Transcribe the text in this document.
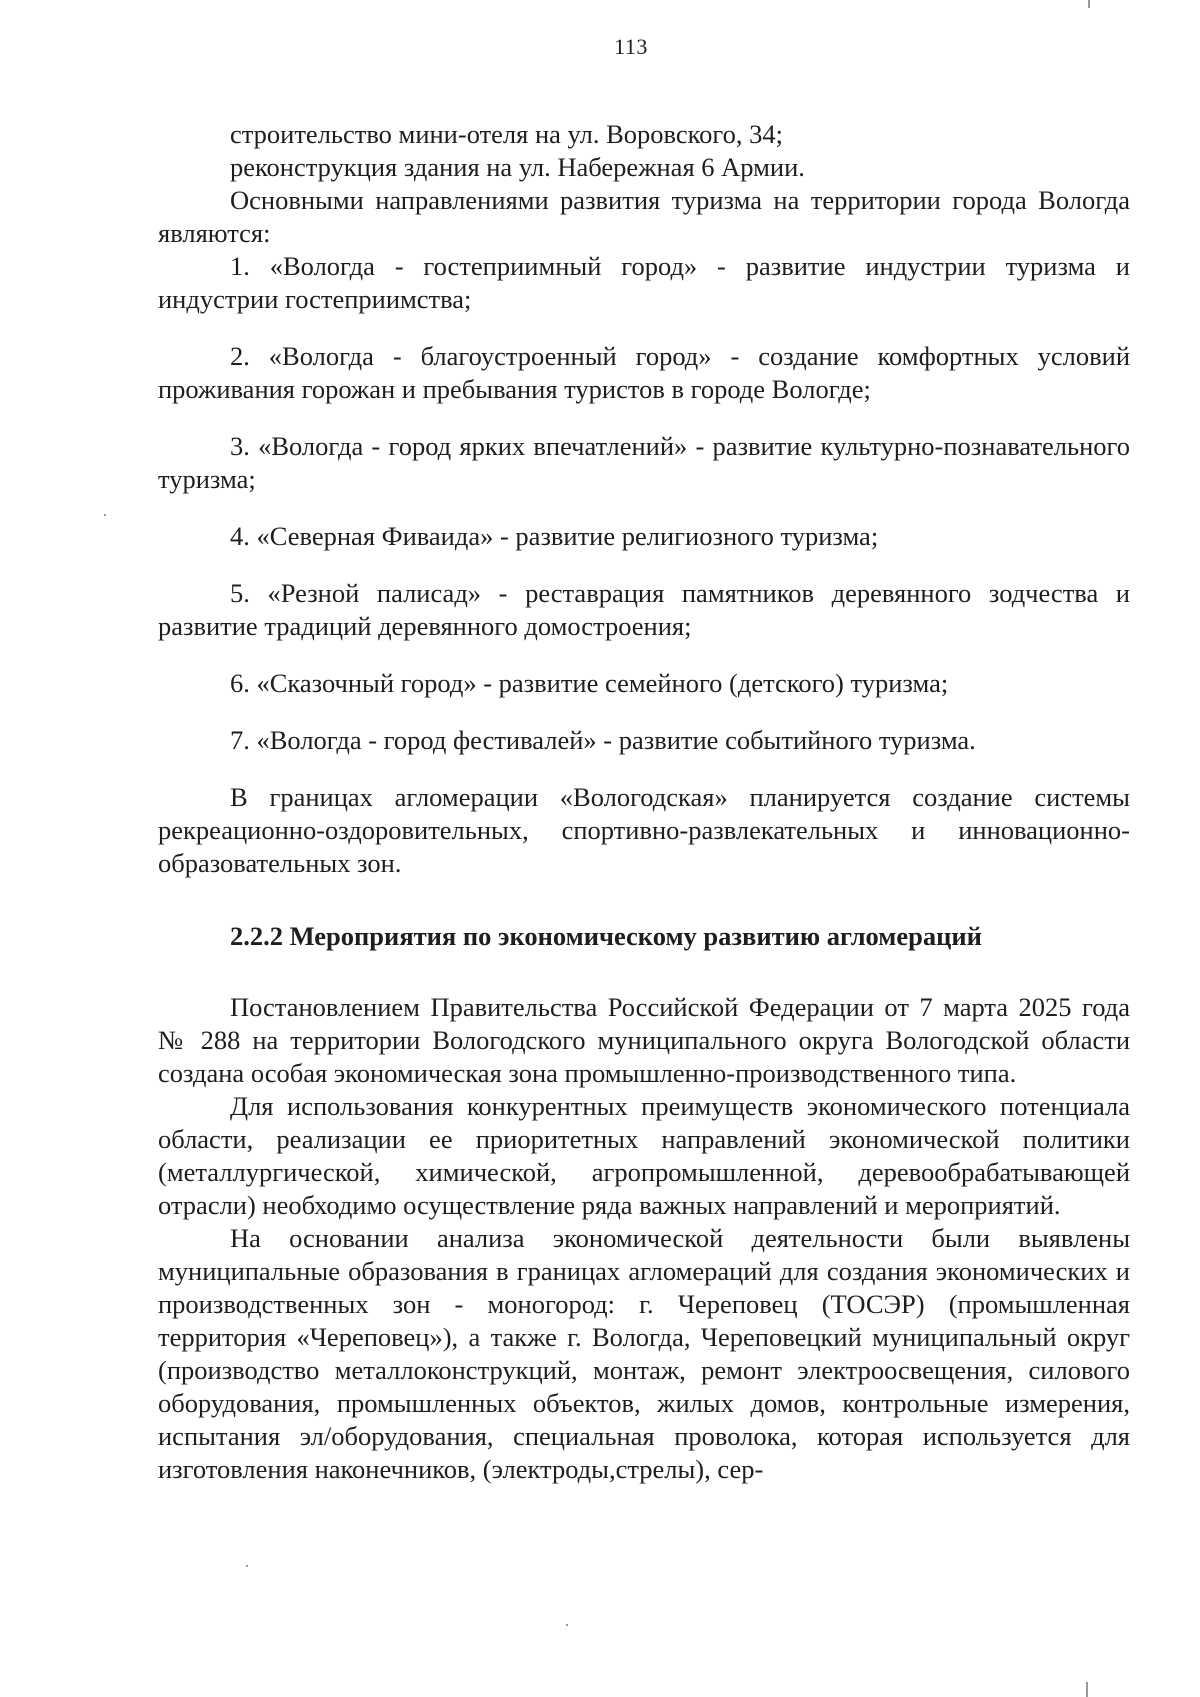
113

строительство мини-отеля на ул. Воровского, 34;

реконструкция здания на ул. Набережная 6 Армии.

Основными направлениями развития туризма на территории города Вологда являются:

1. «Вологда - гостеприимный город» - развитие индустрии туризма и индустрии гостеприимства;

2. «Вологда - благоустроенный город» - создание комфортных условий проживания горожан и пребывания туристов в городе Вологде;

3. «Вологда - город ярких впечатлений» - развитие культурно-познавательного туризма;

4. «Северная Фиваида» - развитие религиозного туризма;

5. «Резной палисад» - реставрация памятников деревянного зодчества и развитие традиций деревянного домостроения;

6. «Сказочный город» - развитие семейного (детского) туризма;

7. «Вологда - город фестивалей» - развитие событийного туризма.

В границах агломерации «Вологодская» планируется создание системы рекреационно-оздоровительных, спортивно-развлекательных и инновационно-образовательных зон.

2.2.2 Мероприятия по экономическому развитию агломераций

Постановлением Правительства Российской Федерации от 7 марта 2025 года № 288 на территории Вологодского муниципального округа Вологодской области создана особая экономическая зона промышленно-производственного типа.

Для использования конкурентных преимуществ экономического потенциала области, реализации ее приоритетных направлений экономической политики (металлургической, химической, агропромышленной, деревообрабатывающей отрасли) необходимо осуществление ряда важных направлений и мероприятий.

На основании анализа экономической деятельности были выявлены муниципальные образования в границах агломераций для создания экономических и производственных зон - моногород: г. Череповец (ТОСЭР) (промышленная территория «Череповец»), а также г. Вологда, Череповецкий муниципальный округ (производство металлоконструкций, монтаж, ремонт электроосвещения, силового оборудования, промышленных объектов, жилых домов, контрольные измерения, испытания эл/оборудования, специальная проволока, которая используется для изготовления наконечников, (электроды,стрелы), сер-
